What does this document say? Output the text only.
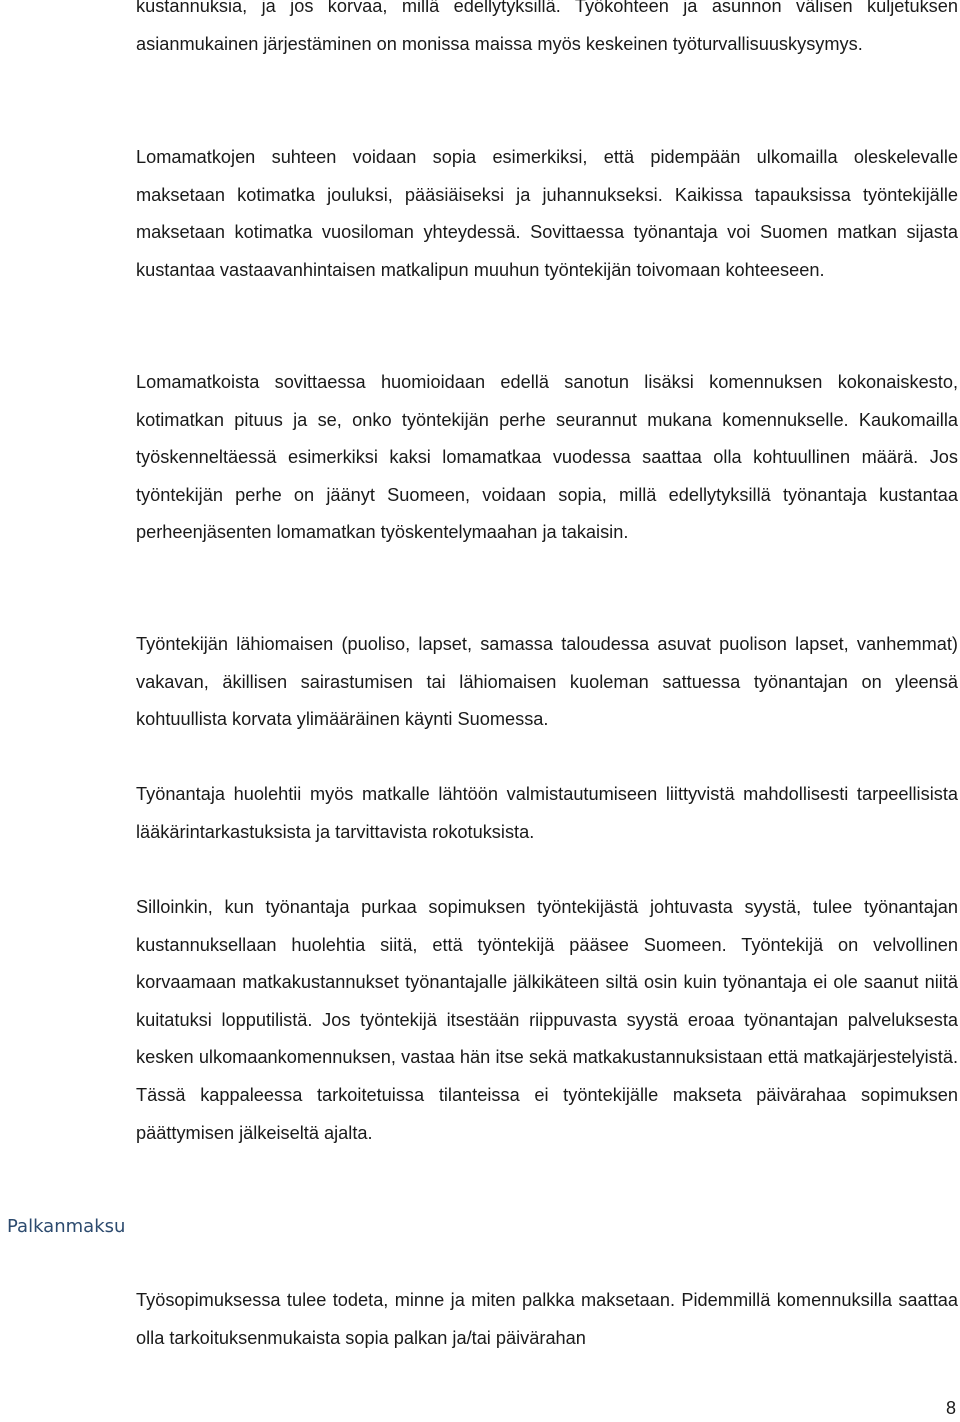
kustannuksia, ja jos korvaa, millä edellytyksillä. Työkohteen ja asunnon välisen kuljetuksen asianmukainen järjestäminen on monissa maissa myös keskeinen työturvallisuuskysymys.

Lomamatkojen suhteen voidaan sopia esimerkiksi, että pidempään ulkomailla oleskelevalle maksetaan kotimatka jouluksi, pääsiäiseksi ja juhannukseksi. Kaikissa tapauksissa työntekijälle maksetaan kotimatka vuosiloman yhteydessä. Sovittaessa työnantaja voi Suomen matkan sijasta kustantaa vastaavanhintaisen matkalipun muuhun työntekijän toivomaan kohteeseen.

Lomamatkoista sovittaessa huomioidaan edellä sanotun lisäksi komennuksen kokonaiskesto, kotimatkan pituus ja se, onko työntekijän perhe seurannut mukana komennukselle. Kaukomailla työskenneltäessä esimerkiksi kaksi lomamatkaa vuodessa saattaa olla kohtuullinen määrä. Jos työntekijän perhe on jäänyt Suomeen, voidaan sopia, millä edellytyksillä työnantaja kustantaa perheenjäsenten lomamatkan työskentelymaahan ja takaisin.

Työntekijän lähiomaisen (puoliso, lapset, samassa taloudessa asuvat puolison lapset, vanhemmat) vakavan, äkillisen sairastumisen tai lähiomaisen kuoleman sattuessa työnantajan on yleensä kohtuullista korvata ylimääräinen käynti Suomessa.

Työnantaja huolehtii myös matkalle lähtöön valmistautumiseen liittyvistä mahdollisesti tarpeellisista lääkärintarkastuksista ja tarvittavista rokotuksista.

Silloinkin, kun työnantaja purkaa sopimuksen työntekijästä johtuvasta syystä, tulee työnantajan kustannuksellaan huolehtia siitä, että työntekijä pääsee Suomeen. Työntekijä on velvollinen korvaamaan matkakustannukset työnantajalle jälkikäteen siltä osin kuin työnantaja ei ole saanut niitä kuitatuksi lopputilistä. Jos työntekijä itsestään riippuvasta syystä eroaa työnantajan palveluksesta kesken ulkomaankomennuksen, vastaa hän itse sekä matkakustannuksistaan että matkajärjestelyistä. Tässä kappaleessa tarkoitetuissa tilanteissa ei työntekijälle makseta päivärahaa sopimuksen päättymisen jälkeiseltä ajalta.

Palkanmaksu

Työsopimuksessa tulee todeta, minne ja miten palkka maksetaan. Pidemmillä komennuksilla saattaa olla tarkoituksenmukaista sopia palkan ja/tai päivärahan

8
